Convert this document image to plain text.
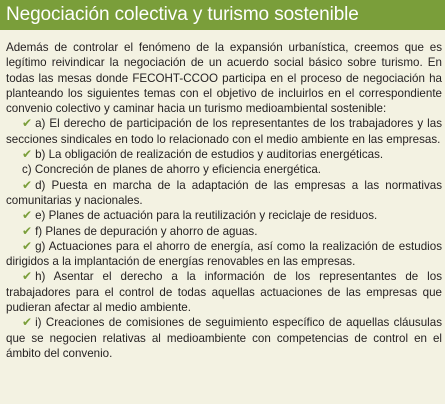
Negociación colectiva y turismo sostenible

Además de controlar el fenómeno de la expansión urbanística, creemos que es legítimo reivindicar la negociación de un acuerdo social básico sobre turismo. En todas las mesas donde FECOHT-CCOO participa en el proceso de negociación ha planteando los siguientes temas con el objetivo de incluirlos en el correspondiente convenio colectivo y caminar hacia un turismo medioambiental sostenible:

✔ a) El derecho de participación de los representantes de los trabajadores y las secciones sindicales en todo lo relacionado con el medio ambiente en las empresas.

✔ b) La obligación de realización de estudios y auditorias energéticas.

c) Concreción de planes de ahorro y eficiencia energética.

✔ d) Puesta en marcha de la adaptación de las empresas a las normativas comunitarias y nacionales.

✔ e) Planes de actuación para la reutilización y reciclaje de residuos.

✔ f) Planes de depuración y ahorro de aguas.

✔ g) Actuaciones para el ahorro de energía, así como la realización de estudios dirigidos a la implantación de energías renovables en las empresas.

✔ h) Asentar el derecho a la información de los representantes de los trabajadores para el control de todas aquellas actuaciones de las empresas que pudieran afectar al medio ambiente.

✔ i) Creaciones de comisiones de seguimiento específico de aquellas cláusulas que se negocien relativas al medioambiente con competencias de control en el ámbito del convenio.
